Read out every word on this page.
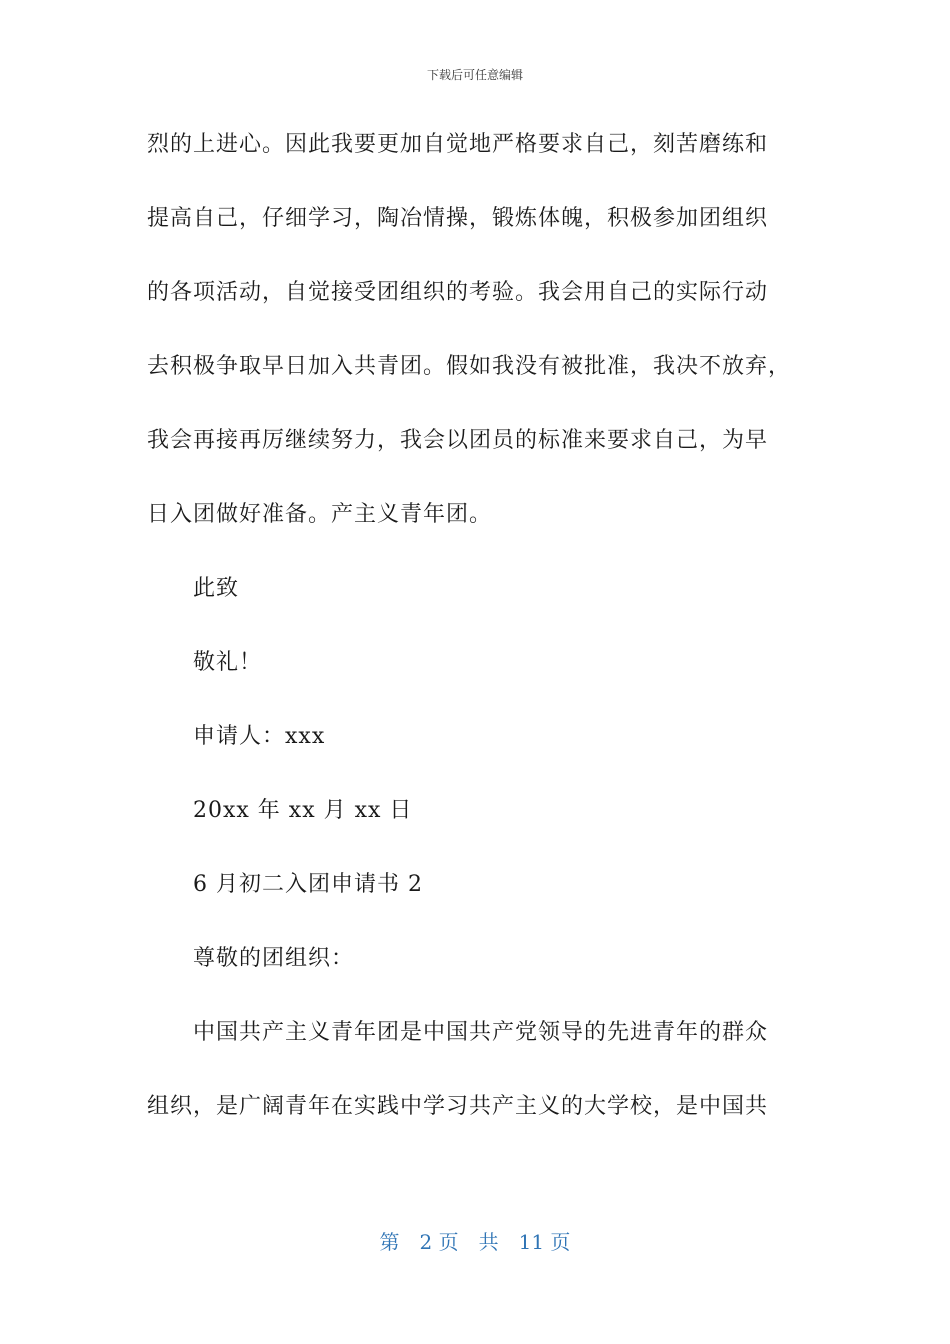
下载后可任意编辑
烈的上进心。因此我要更加自觉地严格要求自己，刻苦磨练和
提高自己，仔细学习，陶冶情操，锻炼体魄，积极参加团组织
的各项活动，自觉接受团组织的考验。我会用自己的实际行动
去积极争取早日加入共青团。假如我没有被批准，我决不放弃，
我会再接再厉继续努力，我会以团员的标准来要求自己，为早
日入团做好准备。产主义青年团。
此致
敬礼！
申请人：xxx
20xx 年 xx 月 xx 日
6 月初二入团申请书 2
尊敬的团组织：
中国共产主义青年团是中国共产党领导的先进青年的群众
组织，是广阔青年在实践中学习共产主义的大学校，是中国共
第　2 页　共　11 页
